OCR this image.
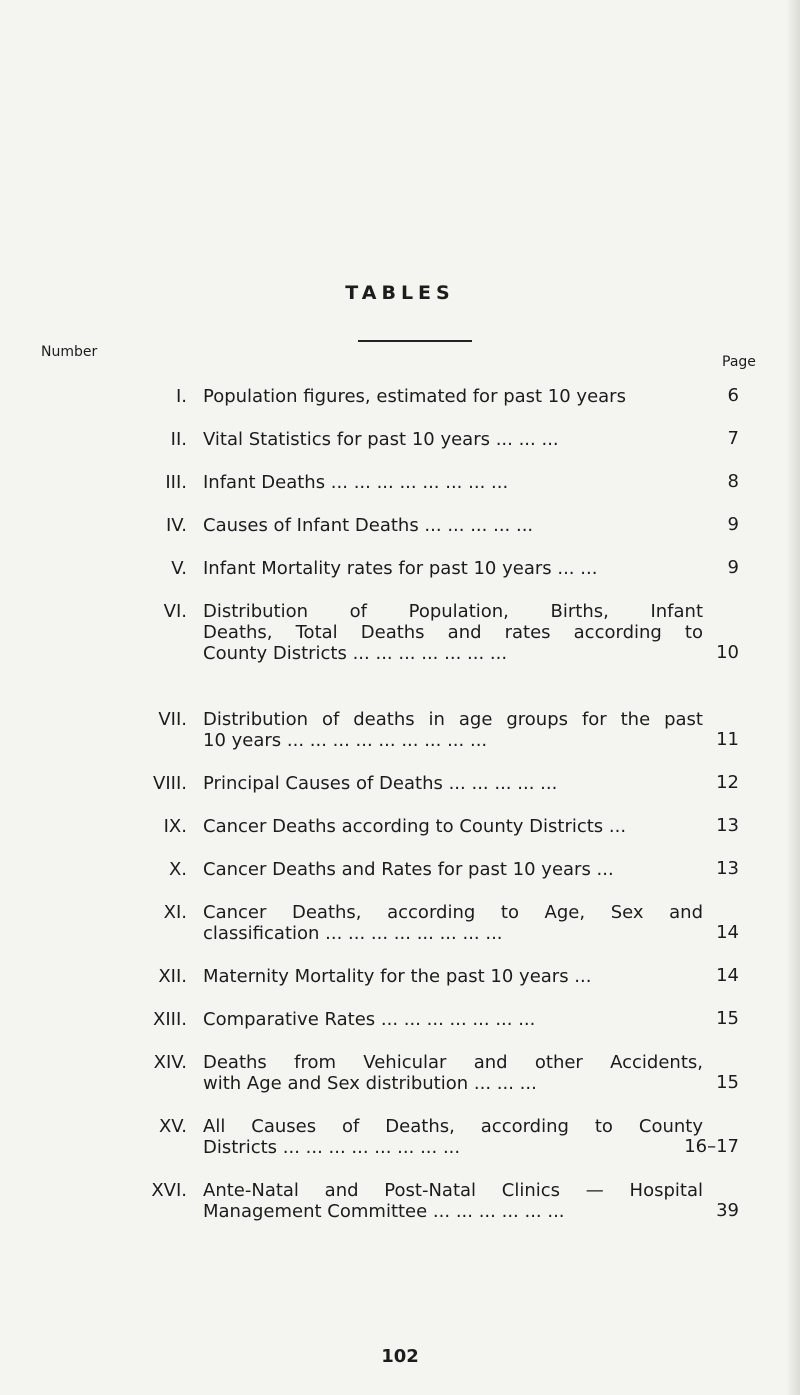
TABLES
Number
Page
I. Population figures, estimated for past 10 years	6
II. Vital Statistics for past 10 years ... ... ...	7
III. Infant Deaths ... ... ... ... ... ... ... ...	8
IV. Causes of Infant Deaths ... ... ... ... ...	9
V. Infant Mortality rates for past 10 years ... ...	9
VI. Distribution of Population, Births, Infant
Deaths, Total Deaths and rates according to
County Districts ... ... ... ... ... ... ...	10
VII. Distribution of deaths in age groups for the past
10 years ... ... ... ... ... ... ... ... ...	11
VIII. Principal Causes of Deaths ... ... ... ... ...	12
IX. Cancer Deaths according to County Districts ...	13
X. Cancer Deaths and Rates for past 10 years ...	13
XI. Cancer Deaths, according to Age, Sex and
classification ... ... ... ... ... ... ... ...	14
XII. Maternity Mortality for the past 10 years ...	14
XIII. Comparative Rates ... ... ... ... ... ... ...	15
XIV. Deaths from Vehicular and other Accidents,
with Age and Sex distribution ... ... ...	15
XV. All Causes of Deaths, according to County
Districts ... ... ... ... ... ... ... ...	16–17
XVI. Ante-Natal and Post-Natal Clinics — Hospital
Management Committee ... ... ... ... ... ...	39
102
